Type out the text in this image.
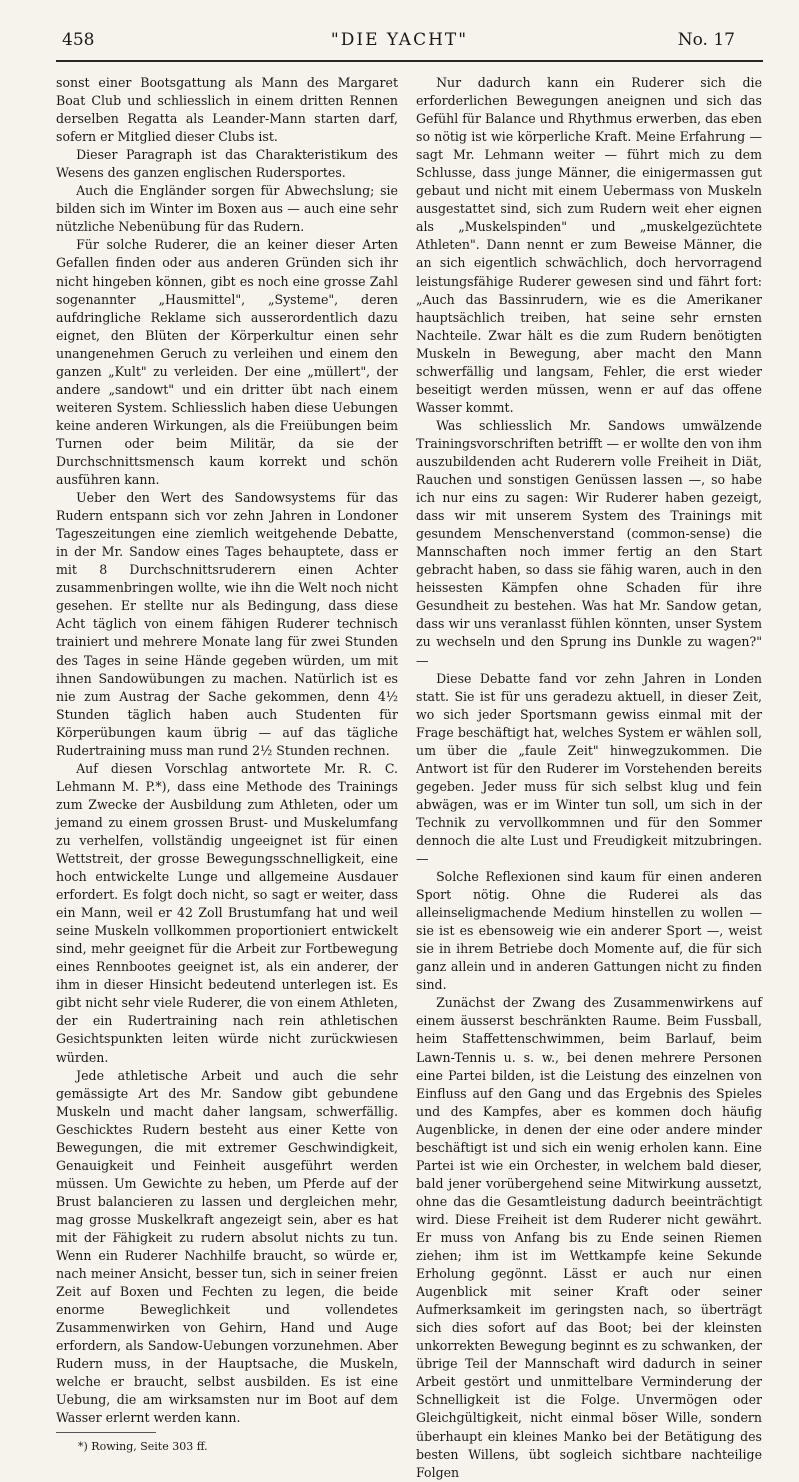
458	"DIE YACHT"	No. 17

sonst einer Bootsgattung als Mann des Margaret Boat Club und schliesslich in einem dritten Rennen derselben Regatta als Leander-Mann starten darf, sofern er Mitglied dieser Clubs ist.

Dieser Paragraph ist das Charakteristikum des Wesens des ganzen englischen Rudersportes.

Auch die Engländer sorgen für Abwechslung; sie bilden sich im Winter im Boxen aus — auch eine sehr nützliche Nebenübung für das Rudern.

Für solche Ruderer, die an keiner dieser Arten Gefallen finden oder aus anderen Gründen sich ihr nicht hingeben können, gibt es noch eine grosse Zahl sogenannter „Hausmittel", „Systeme", deren aufdringliche Reklame sich ausserordentlich dazu eignet, den Blüten der Körperkultur einen sehr unangenehmen Geruch zu verleihen und einem den ganzen „Kult" zu verleiden. Der eine „müllert", der andere „sandowt" und ein dritter übt nach einem weiteren System. Schliesslich haben diese Uebungen keine anderen Wirkungen, als die Freiübungen beim Turnen oder beim Militär, da sie der Durchschnittsmensch kaum korrekt und schön ausführen kann.

Ueber den Wert des Sandowsystems für das Rudern entspann sich vor zehn Jahren in Londoner Tageszeitungen eine ziemlich weitgehende Debatte, in der Mr. Sandow eines Tages behauptete, dass er mit 8 Durchschnittsruderern einen Achter zusammenbringen wollte, wie ihn die Welt noch nicht gesehen. Er stellte nur als Bedingung, dass diese Acht täglich von einem fähigen Ruderer technisch trainiert und mehrere Monate lang für zwei Stunden des Tages in seine Hände gegeben würden, um mit ihnen Sandowübungen zu machen. Natürlich ist es nie zum Austrag der Sache gekommen, denn 4½ Stunden täglich haben auch Studenten für Körperübungen kaum übrig — auf das tägliche Rudertraining muss man rund 2½ Stunden rechnen.

Auf diesen Vorschlag antwortete Mr. R. C. Lehmann M. P.*), dass eine Methode des Trainings zum Zwecke der Ausbildung zum Athleten, oder um jemand zu einem grossen Brust- und Muskelumfang zu verhelfen, vollständig ungeeignet ist für einen Wettstreit, der grosse Bewegungsschnelligkeit, eine hoch entwickelte Lunge und allgemeine Ausdauer erfordert. Es folgt doch nicht, so sagt er weiter, dass ein Mann, weil er 42 Zoll Brustumfang hat und weil seine Muskeln vollkommen proportioniert entwickelt sind, mehr geeignet für die Arbeit zur Fortbewegung eines Rennbootes geeignet ist, als ein anderer, der ihm in dieser Hinsicht bedeutend unterlegen ist. Es gibt nicht sehr viele Ruderer, die von einem Athleten, der ein Rudertraining nach rein athletischen Gesichtspunkten leiten würde nicht zurückwiesen würden.

Jede athletische Arbeit und auch die sehr gemässigte Art des Mr. Sandow gibt gebundene Muskeln und macht daher langsam, schwerfällig. Geschicktes Rudern besteht aus einer Kette von Bewegungen, die mit extremer Geschwindigkeit, Genauigkeit und Feinheit ausgeführt werden müssen. Um Gewichte zu heben, um Pferde auf der Brust balancieren zu lassen und dergleichen mehr, mag grosse Muskelkraft angezeigt sein, aber es hat mit der Fähigkeit zu rudern absolut nichts zu tun. Wenn ein Ruderer Nachhilfe braucht, so würde er, nach meiner Ansicht, besser tun, sich in seiner freien Zeit auf Boxen und Fechten zu legen, die beide enorme Beweglichkeit und vollendetes Zusammenwirken von Gehirn, Hand und Auge erfordern, als Sandow-Uebungen vorzunehmen. Aber Rudern muss, in der Hauptsache, die Muskeln, welche er braucht, selbst ausbilden. Es ist eine Uebung, die am wirksamsten nur im Boot auf dem Wasser erlernt werden kann.

*) Rowing, Seite 303 ff.

Nur dadurch kann ein Ruderer sich die erforderlichen Bewegungen aneignen und sich das Gefühl für Balance und Rhythmus erwerben, das eben so nötig ist wie körperliche Kraft. Meine Erfahrung — sagt Mr. Lehmann weiter — führt mich zu dem Schlusse, dass junge Männer, die einigermassen gut gebaut und nicht mit einem Uebermass von Muskeln ausgestattet sind, sich zum Rudern weit eher eignen als „Muskelspinden" und „muskelgezüchtete Athleten". Dann nennt er zum Beweise Männer, die an sich eigentlich schwächlich, doch hervorragend leistungsfähige Ruderer gewesen sind und fährt fort: „Auch das Bassinrudern, wie es die Amerikaner hauptsächlich treiben, hat seine sehr ernsten Nachteile. Zwar hält es die zum Rudern benötigten Muskeln in Bewegung, aber macht den Mann schwerfällig und langsam, Fehler, die erst wieder beseitigt werden müssen, wenn er auf das offene Wasser kommt.

Was schliesslich Mr. Sandows umwälzende Trainingsvorschriften betrifft — er wollte den von ihm auszubildenden acht Ruderern volle Freiheit in Diät, Rauchen und sonstigen Genüssen lassen —, so habe ich nur eins zu sagen: Wir Ruderer haben gezeigt, dass wir mit unserem System des Trainings mit gesundem Menschenverstand (common-sense) die Mannschaften noch immer fertig an den Start gebracht haben, so dass sie fähig waren, auch in den heissesten Kämpfen ohne Schaden für ihre Gesundheit zu bestehen. Was hat Mr. Sandow getan, dass wir uns veranlasst fühlen könnten, unser System zu wechseln und den Sprung ins Dunkle zu wagen?" —

Diese Debatte fand vor zehn Jahren in Londen statt. Sie ist für uns geradezu aktuell, in dieser Zeit, wo sich jeder Sportsmann gewiss einmal mit der Frage beschäftigt hat, welches System er wählen soll, um über die „faule Zeit" hinwegzukommen. Die Antwort ist für den Ruderer im Vorstehenden bereits gegeben. Jeder muss für sich selbst klug und fein abwägen, was er im Winter tun soll, um sich in der Technik zu vervollkommnen und für den Sommer dennoch die alte Lust und Freudigkeit mitzubringen. —

Solche Reflexionen sind kaum für einen anderen Sport nötig. Ohne die Ruderei als das alleinseligmachende Medium hinstellen zu wollen — sie ist es ebensoweig wie ein anderer Sport —, weist sie in ihrem Betriebe doch Momente auf, die für sich ganz allein und in anderen Gattungen nicht zu finden sind.

Zunächst der Zwang des Zusammenwirkens auf einem äusserst beschränkten Raume. Beim Fussball, heim Staffettenschwimmen, beim Barlauf, beim Lawn-Tennis u. s. w., bei denen mehrere Personen eine Partei bilden, ist die Leistung des einzelnen von Einfluss auf den Gang und das Ergebnis des Spieles und des Kampfes, aber es kommen doch häufig Augenblicke, in denen der eine oder andere minder beschäftigt ist und sich ein wenig erholen kann. Eine Partei ist wie ein Orchester, in welchem bald dieser, bald jener vorübergehend seine Mitwirkung aussetzt, ohne das die Gesamtleistung dadurch beeinträchtigt wird. Diese Freiheit ist dem Ruderer nicht gewährt. Er muss von Anfang bis zu Ende seinen Riemen ziehen; ihm ist im Wettkampfe keine Sekunde Erholung gegönnt. Lässt er auch nur einen Augenblick mit seiner Kraft oder seiner Aufmerksamkeit im geringsten nach, so überträgt sich dies sofort auf das Boot; bei der kleinsten unkorrekten Bewegung beginnt es zu schwanken, der übrige Teil der Mannschaft wird dadurch in seiner Arbeit gestört und unmittelbare Verminderung der Schnelligkeit ist die Folge. Unvermögen oder Gleichgültigkeit, nicht einmal böser Wille, sondern überhaupt ein kleines Manko bei der Betätigung des besten Willens, übt sogleich sichtbare nachteilige Folgen
